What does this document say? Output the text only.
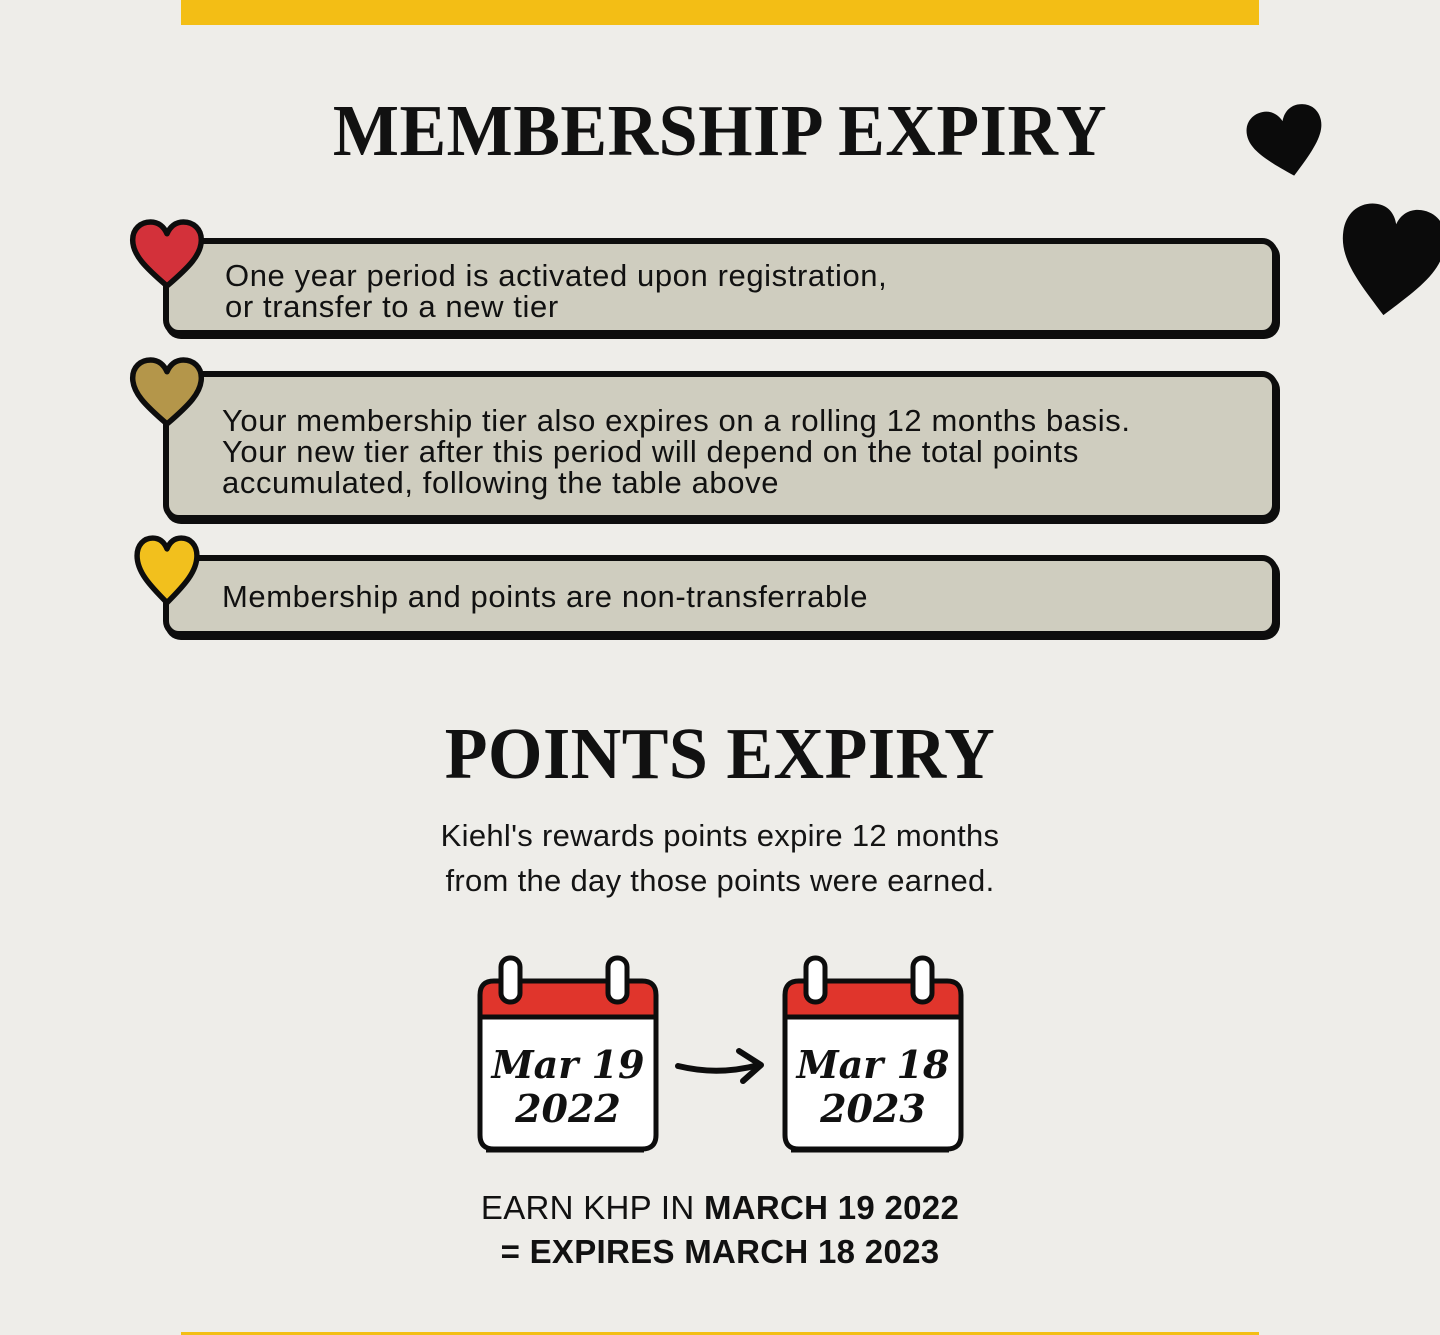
MEMBERSHIP EXPIRY
One year period is activated upon registration,
or transfer to a new tier
Your membership tier also expires on a rolling 12 months basis.
Your new tier after this period will depend on the total points
accumulated, following the table above
Membership and points are non-transferrable
POINTS EXPIRY
Kiehl's rewards points expire 12 months
from the day those points were earned.
Mar 19
2022
Mar 18
2023
EARN KHP IN MARCH 19 2022
= EXPIRES MARCH 18 2023
